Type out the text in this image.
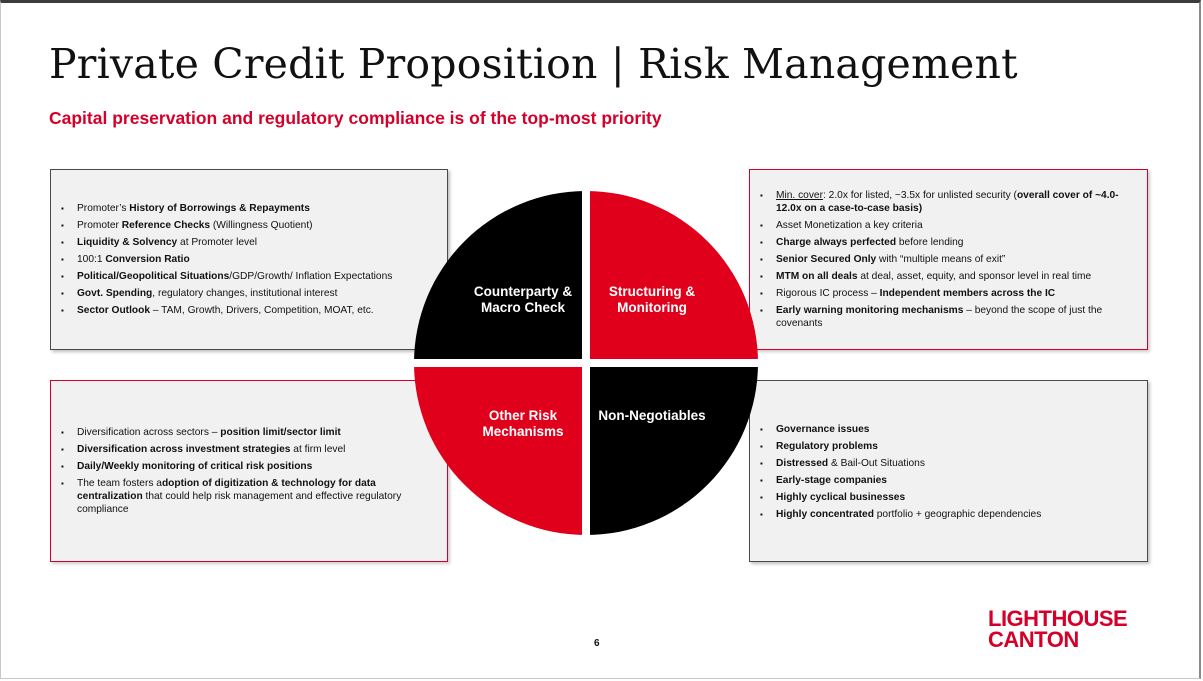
Private Credit Proposition | Risk Management
Capital preservation and regulatory compliance is of the top-most priority
▪ Promoter’s History of Borrowings & Repayments
▪ Promoter Reference Checks (Willingness Quotient)
▪ Liquidity & Solvency at Promoter level
▪ 100:1 Conversion Ratio
▪ Political/Geopolitical Situations/GDP/Growth/ Inflation Expectations
▪ Govt. Spending, regulatory changes, institutional interest
▪ Sector Outlook – TAM, Growth, Drivers, Competition, MOAT, etc.
▪ Min. cover: 2.0x for listed, ~3.5x for unlisted security (overall cover of ~4.0-12.0x on a case-to-case basis)
▪ Asset Monetization a key criteria
▪ Charge always perfected before lending
▪ Senior Secured Only with “multiple means of exit”
▪ MTM on all deals at deal, asset, equity, and sponsor level in real time
▪ Rigorous IC process – Independent members across the IC
▪ Early warning monitoring mechanisms – beyond the scope of just the covenants
▪ Diversification across sectors – position limit/sector limit
▪ Diversification across investment strategies at firm level
▪ Daily/Weekly monitoring of critical risk positions
▪ The team fosters adoption of digitization & technology for data centralization that could help risk management and effective regulatory compliance
▪ Governance issues
▪ Regulatory problems
▪ Distressed & Bail-Out Situations
▪ Early-stage companies
▪ Highly cyclical businesses
▪ Highly concentrated portfolio + geographic dependencies
Counterparty & Macro Check
Structuring & Monitoring
Other Risk Mechanisms
Non-Negotiables
6
LIGHTHOUSE
CANTON
